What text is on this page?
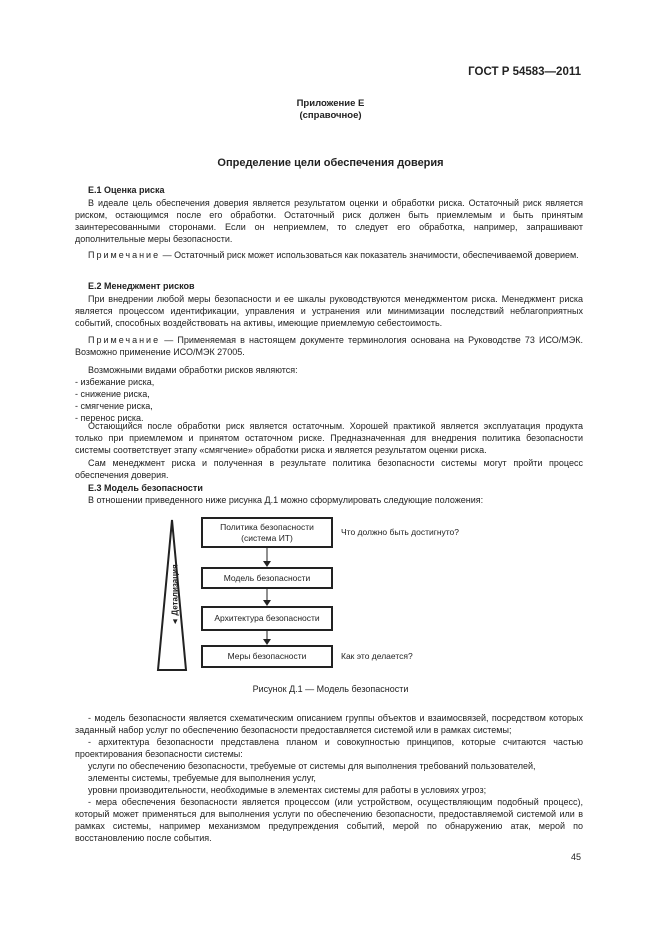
ГОСТ Р 54583—2011
Приложение Е
(справочное)
Определение цели обеспечения доверия
Е.1 Оценка риска
В идеале цель обеспечения доверия является результатом оценки и обработки риска. Остаточный риск является риском, остающимся после его обработки. Остаточный риск должен быть приемлемым и быть принятым заинтересованными сторонами. Если он неприемлем, то следует его обработка, например, запрашивают дополнительные меры безопасности.
Примечание — Остаточный риск может использоваться как показатель значимости, обеспечиваемой доверием.
Е.2 Менеджмент рисков
При внедрении любой меры безопасности и ее шкалы руководствуются менеджментом риска. Менеджмент риска является процессом идентификации, управления и устранения или минимизации последствий неблагоприятных событий, способных воздействовать на активы, имеющие приемлемую себестоимость.
Примечание — Применяемая в настоящем документе терминология основана на Руководстве 73 ИСО/МЭК. Возможно применение ИСО/МЭК 27005.
Возможными видами обработки рисков являются:
- избежание риска,
- снижение риска,
- смягчение риска,
- перенос риска.
Остающийся после обработки риск является остаточным. Хорошей практикой является эксплуатация продукта только при приемлемом и принятом остаточном риске. Предназначенная для внедрения политика безопасности системы соответствует этапу «смягчение» обработки риска и является результатом оценки риска.
Сам менеджмент риска и полученная в результате политика безопасности системы могут пройти процесс обеспечения доверия.
Е.3 Модель безопасности
В отношении приведенного ниже рисунка Д.1 можно сформулировать следующие положения:
◄ Детализация
Политика безопасности (система ИТ)
Модель безопасности
Архитектура безопасности
Меры безопасности
Что должно быть достигнуто?
Как это делается?
Рисунок Д.1 — Модель безопасности
- модель безопасности является схематическим описанием группы объектов и взаимосвязей, посредством которых заданный набор услуг по обеспечению безопасности предоставляется системой или в рамках системы;
- архитектура безопасности представлена планом и совокупностью принципов, которые считаются частью проектирования безопасности системы:
услуги по обеспечению безопасности, требуемые от системы для выполнения требований пользователей,
элементы системы, требуемые для выполнения услуг,
уровни производительности, необходимые в элементах системы для работы в условиях угроз;
- мера обеспечения безопасности является процессом (или устройством, осуществляющим подобный процесс), который может применяться для выполнения услуги по обеспечению безопасности, предоставляемой системой или в рамках системы, например механизмом предупреждения событий, мерой по обнаружению атак, мерой по восстановлению после события.
45
